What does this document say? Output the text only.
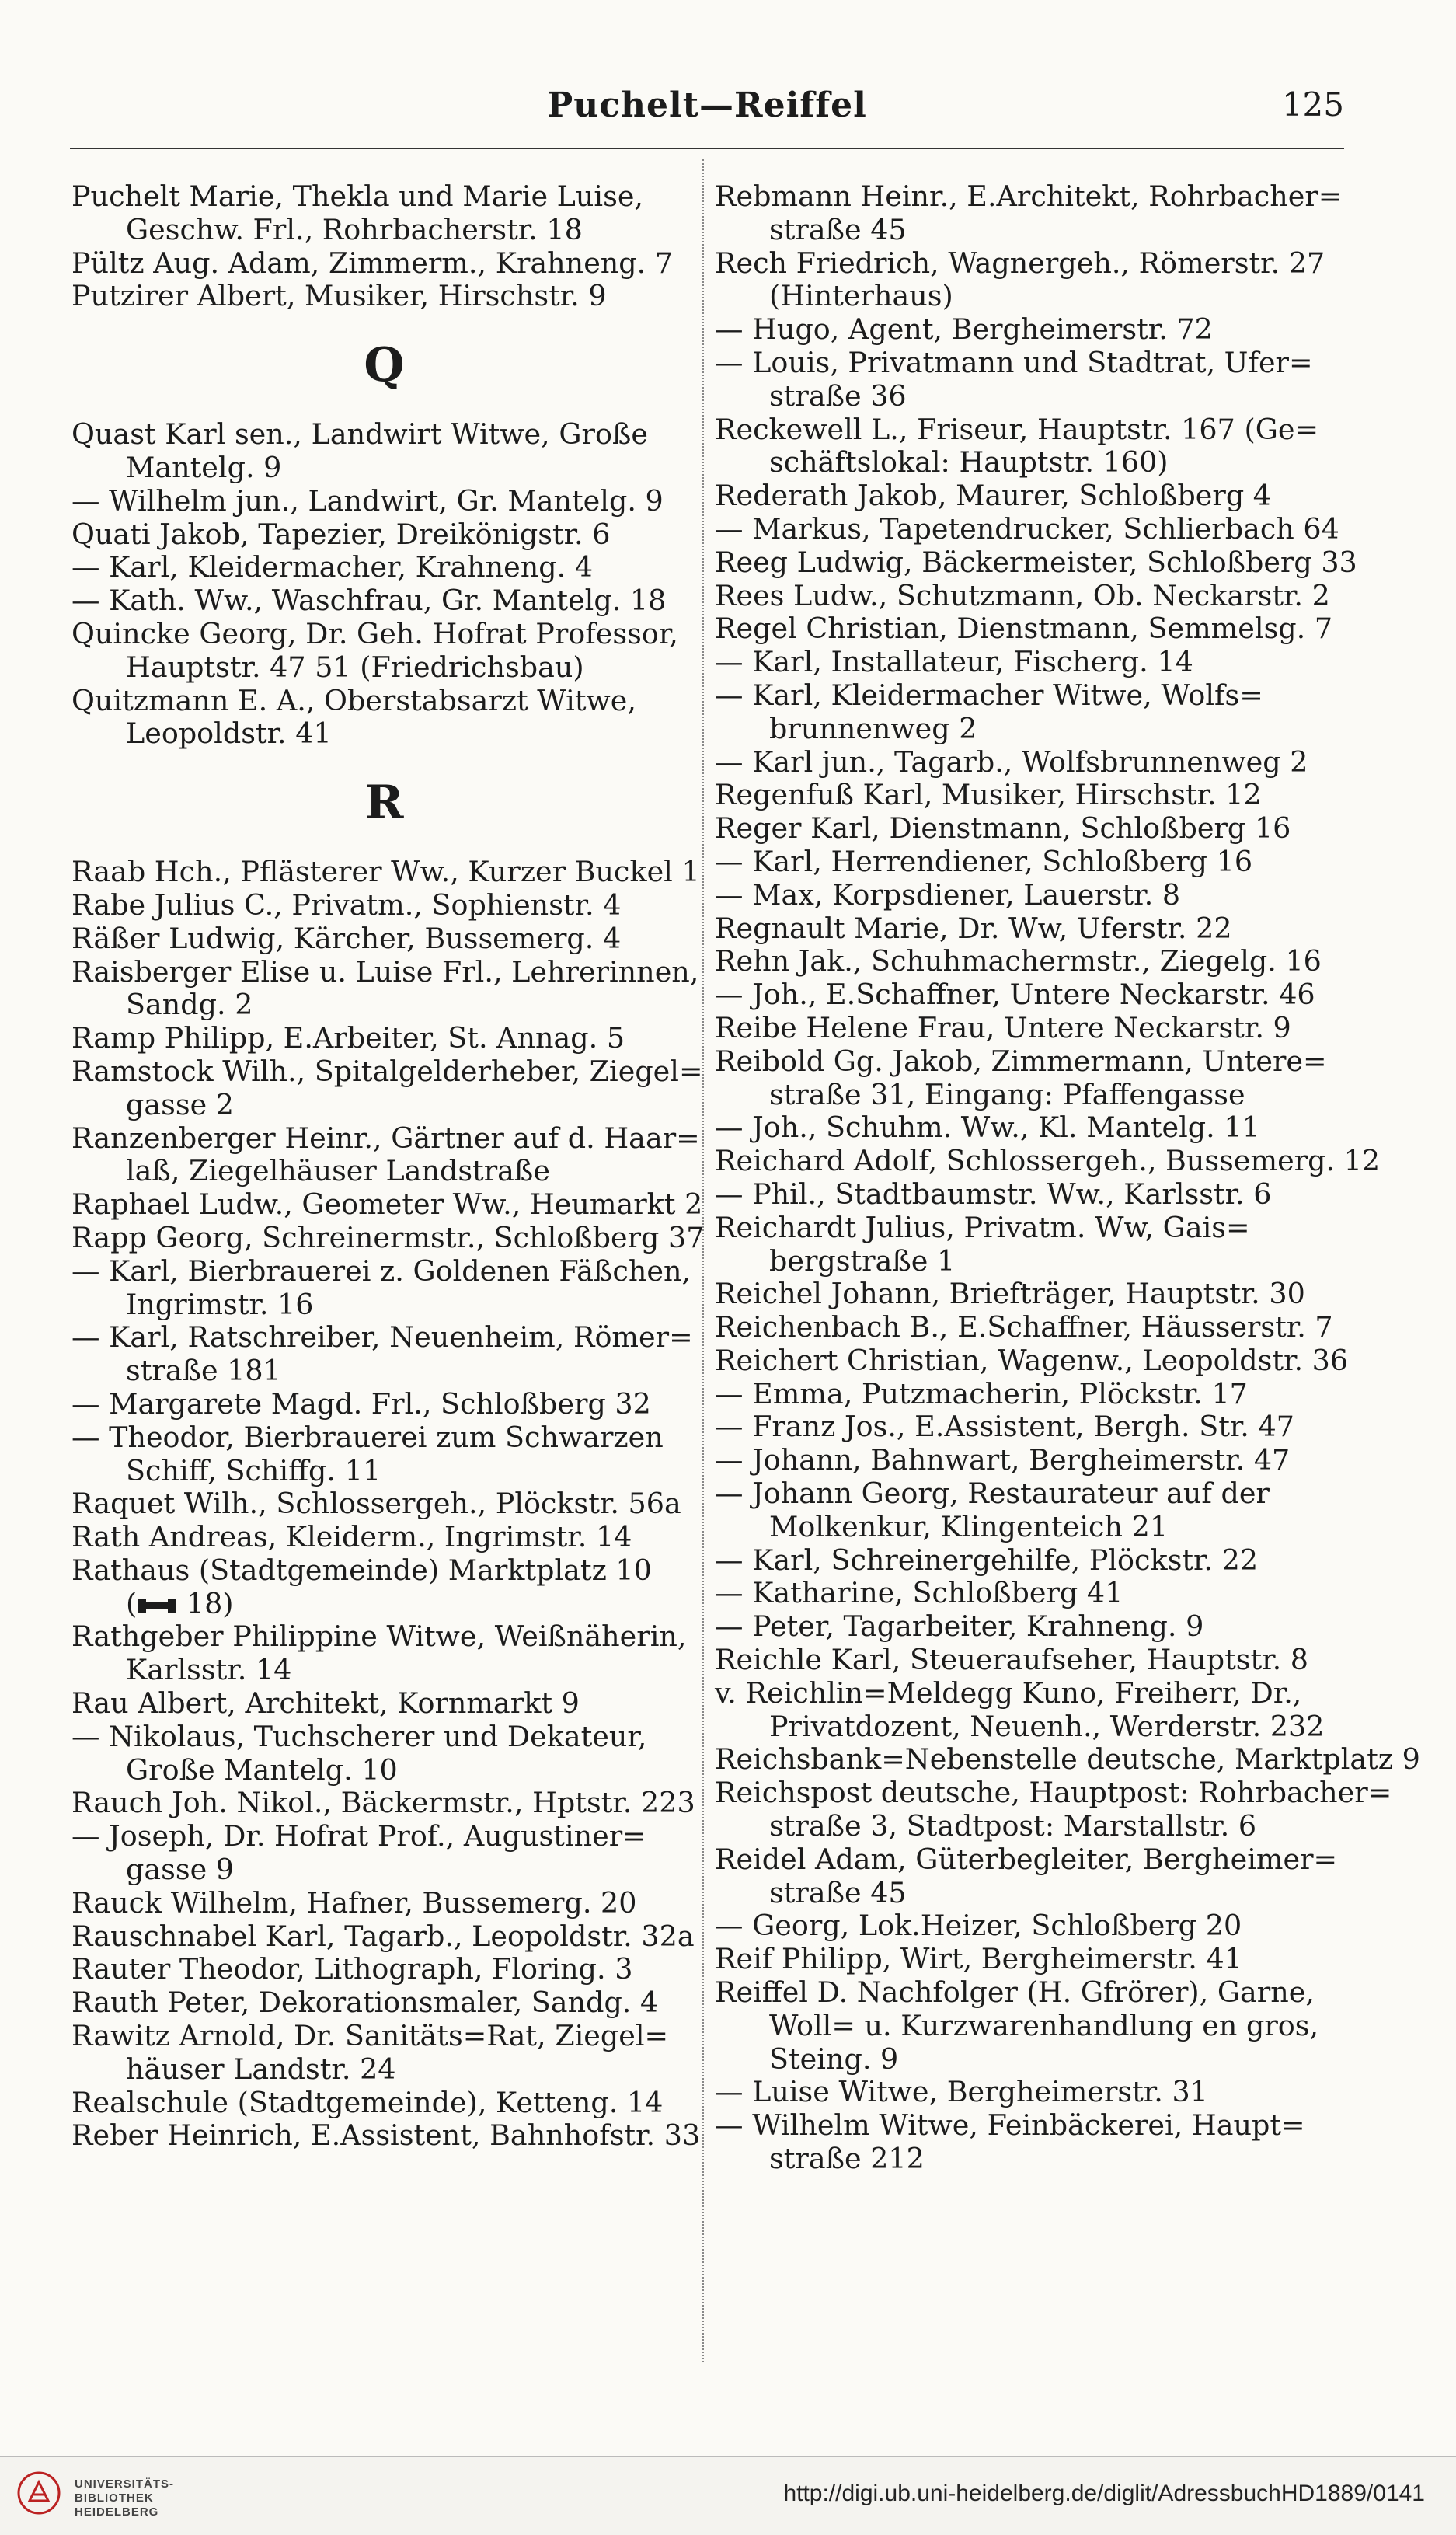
Puchelt—Reiffel	125
Puchelt Marie, Thekla und Marie Luise,

Geschw. Frl., Rohrbacherstr. 18
Pültz Aug. Adam, Zimmerm., Krahneng. 7
Putzirer Albert, Musiker, Hirschstr. 9
Q
Quast Karl sen., Landwirt Witwe, Große

Mantelg. 9
— Wilhelm jun., Landwirt, Gr. Mantelg. 9
Quati Jakob, Tapezier, Dreikönigstr. 6
— Karl, Kleidermacher, Krahneng. 4
— Kath. Ww., Waschfrau, Gr. Mantelg. 18
Quincke Georg, Dr. Geh. Hofrat Professor,

Hauptstr. 47 51 (Friedrichsbau)
Quitzmann E. A., Oberstabsarzt Witwe,

Leopoldstr. 41
R
Raab Hch., Pflästerer Ww., Kurzer Buckel 1
Rabe Julius C., Privatm., Sophienstr. 4
Räßer Ludwig, Kärcher, Bussemerg. 4
Raisberger Elise u. Luise Frl., Lehrerinnen,

Sandg. 2
Ramp Philipp, E.Arbeiter, St. Annag. 5
Ramstock Wilh., Spitalgelderheber, Ziegel=

gasse 2
Ranzenberger Heinr., Gärtner auf d. Haar=

laß, Ziegelhäuser Landstraße
Raphael Ludw., Geometer Ww., Heumarkt 2
Rapp Georg, Schreinermstr., Schloßberg 37
— Karl, Bierbrauerei z. Goldenen Fäßchen,

Ingrimstr. 16
— Karl, Ratschreiber, Neuenheim, Römer=

straße 181
— Margarete Magd. Frl., Schloßberg 32
— Theodor, Bierbrauerei zum Schwarzen

Schiff, Schiffg. 11
Raquet Wilh., Schlossergeh., Plöckstr. 56a
Rath Andreas, Kleiderm., Ingrimstr. 14
Rathaus (Stadtgemeinde) Marktplatz 10

( 18)
Rathgeber Philippine Witwe, Weißnäherin,

Karlsstr. 14
Rau Albert, Architekt, Kornmarkt 9
— Nikolaus, Tuchscherer und Dekateur,

Große Mantelg. 10
Rauch Joh. Nikol., Bäckermstr., Hptstr. 223
— Joseph, Dr. Hofrat Prof., Augustiner=

gasse 9
Rauck Wilhelm, Hafner, Bussemerg. 20
Rauschnabel Karl, Tagarb., Leopoldstr. 32a
Rauter Theodor, Lithograph, Floring. 3
Rauth Peter, Dekorationsmaler, Sandg. 4
Rawitz Arnold, Dr. Sanitäts=Rat, Ziegel=

häuser Landstr. 24
Realschule (Stadtgemeinde), Ketteng. 14
Reber Heinrich, E.Assistent, Bahnhofstr. 33
Rebmann Heinr., E.Architekt, Rohrbacher=

straße 45
Rech Friedrich, Wagnergeh., Römerstr. 27

(Hinterhaus)
— Hugo, Agent, Bergheimerstr. 72
— Louis, Privatmann und Stadtrat, Ufer=

straße 36
Reckewell L., Friseur, Hauptstr. 167 (Ge=

schäftslokal: Hauptstr. 160)
Rederath Jakob, Maurer, Schloßberg 4
— Markus, Tapetendrucker, Schlierbach 64
Reeg Ludwig, Bäckermeister, Schloßberg 33
Rees Ludw., Schutzmann, Ob. Neckarstr. 2
Regel Christian, Dienstmann, Semmelsg. 7
— Karl, Installateur, Fischerg. 14
— Karl, Kleidermacher Witwe, Wolfs=

brunnenweg 2
— Karl jun., Tagarb., Wolfsbrunnenweg 2
Regenfuß Karl, Musiker, Hirschstr. 12
Reger Karl, Dienstmann, Schloßberg 16
— Karl, Herrendiener, Schloßberg 16
— Max, Korpsdiener, Lauerstr. 8
Regnault Marie, Dr. Ww, Uferstr. 22
Rehn Jak., Schuhmachermstr., Ziegelg. 16
— Joh., E.Schaffner, Untere Neckarstr. 46
Reibe Helene Frau, Untere Neckarstr. 9
Reibold Gg. Jakob, Zimmermann, Untere=

straße 31, Eingang: Pfaffengasse
— Joh., Schuhm. Ww., Kl. Mantelg. 11
Reichard Adolf, Schlossergeh., Bussemerg. 12
— Phil., Stadtbaumstr. Ww., Karlsstr. 6
Reichardt Julius, Privatm. Ww, Gais=

bergstraße 1
Reichel Johann, Briefträger, Hauptstr. 30
Reichenbach B., E.Schaffner, Häusserstr. 7
Reichert Christian, Wagenw., Leopoldstr. 36
— Emma, Putzmacherin, Plöckstr. 17
— Franz Jos., E.Assistent, Bergh. Str. 47
— Johann, Bahnwart, Bergheimerstr. 47
— Johann Georg, Restaurateur auf der

Molkenkur, Klingenteich 21
— Karl, Schreinergehilfe, Plöckstr. 22
— Katharine, Schloßberg 41
— Peter, Tagarbeiter, Krahneng. 9
Reichle Karl, Steueraufseher, Hauptstr. 8
v. Reichlin=Meldegg Kuno, Freiherr, Dr.,

Privatdozent, Neuenh., Werderstr. 232
Reichsbank=Nebenstelle deutsche, Marktplatz 9
Reichspost deutsche, Hauptpost: Rohrbacher=

straße 3, Stadtpost: Marstallstr. 6
Reidel Adam, Güterbegleiter, Bergheimer=

straße 45
— Georg, Lok.Heizer, Schloßberg 20
Reif Philipp, Wirt, Bergheimerstr. 41
Reiffel D. Nachfolger (H. Gfrörer), Garne,

Woll= u. Kurzwarenhandlung en gros,
Steing. 9
— Luise Witwe, Bergheimerstr. 31
— Wilhelm Witwe, Feinbäckerei, Haupt=

straße 212
UNIVERSITÄTS-
BIBLIOTHEK
HEIDELBERG
http://digi.ub.uni-heidelberg.de/diglit/AdressbuchHD1889/0141
